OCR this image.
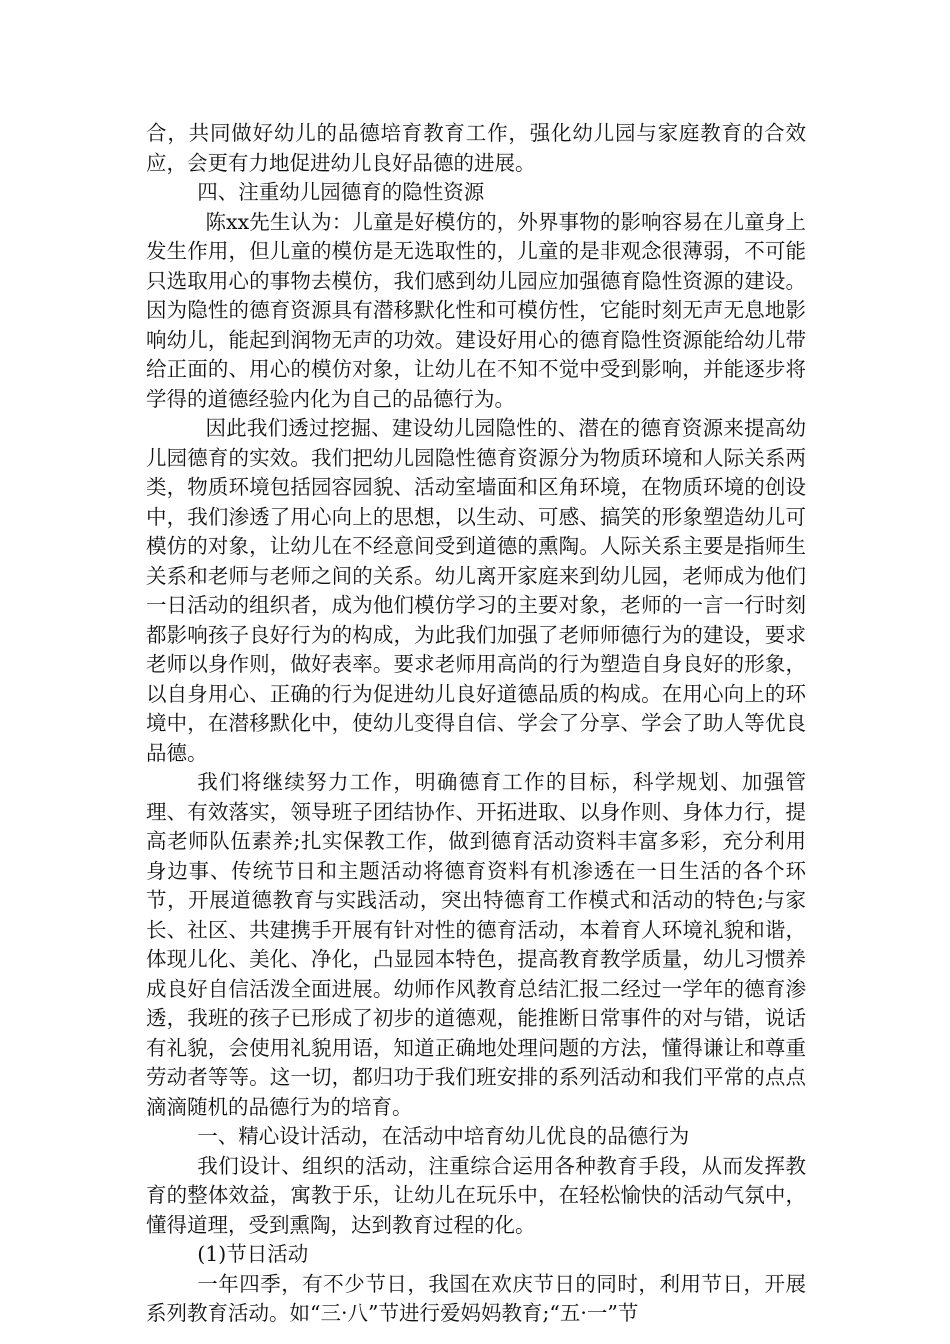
合，共同做好幼儿的品德培育教育工作，强化幼儿园与家庭教育的合效应，会更有力地促进幼儿良好品德的进展。

四、注重幼儿园德育的隐性资源

陈xx先生认为：儿童是好模仿的，外界事物的影响容易在儿童身上发生作用，但儿童的模仿是无选取性的，儿童的是非观念很薄弱，不可能只选取用心的事物去模仿，我们感到幼儿园应加强德育隐性资源的建设。因为隐性的德育资源具有潜移默化性和可模仿性，它能时刻无声无息地影响幼儿，能起到润物无声的功效。建设好用心的德育隐性资源能给幼儿带给正面的、用心的模仿对象，让幼儿在不知不觉中受到影响，并能逐步将学得的道德经验内化为自己的品德行为。

因此我们透过挖掘、建设幼儿园隐性的、潜在的德育资源来提高幼儿园德育的实效。我们把幼儿园隐性德育资源分为物质环境和人际关系两类，物质环境包括园容园貌、活动室墙面和区角环境，在物质环境的创设中，我们渗透了用心向上的思想，以生动、可感、搞笑的形象塑造幼儿可模仿的对象，让幼儿在不经意间受到道德的熏陶。人际关系主要是指师生关系和老师与老师之间的关系。幼儿离开家庭来到幼儿园，老师成为他们一日活动的组织者，成为他们模仿学习的主要对象，老师的一言一行时刻都影响孩子良好行为的构成，为此我们加强了老师师德行为的建设，要求老师以身作则，做好表率。要求老师用高尚的行为塑造自身良好的形象，以自身用心、正确的行为促进幼儿良好道德品质的构成。在用心向上的环境中，在潜移默化中，使幼儿变得自信、学会了分享、学会了助人等优良品德。

我们将继续努力工作，明确德育工作的目标，科学规划、加强管理、有效落实，领导班子团结协作、开拓进取、以身作则、身体力行，提高老师队伍素养;扎实保教工作，做到德育活动资料丰富多彩，充分利用身边事、传统节日和主题活动将德育资料有机渗透在一日生活的各个环节，开展道德教育与实践活动，突出特德育工作模式和活动的特色;与家长、社区、共建携手开展有针对性的德育活动，本着育人环境礼貌和谐，体现儿化、美化、净化，凸显园本特色，提高教育教学质量，幼儿习惯养成良好自信活泼全面进展。幼师作风教育总结汇报二经过一学年的德育渗透，我班的孩子已形成了初步的道德观，能推断日常事件的对与错，说话有礼貌，会使用礼貌用语，知道正确地处理问题的方法，懂得谦让和尊重劳动者等等。这一切，都归功于我们班安排的系列活动和我们平常的点点滴滴随机的品德行为的培育。

一、精心设计活动，在活动中培育幼儿优良的品德行为

我们设计、组织的活动，注重综合运用各种教育手段，从而发挥教育的整体效益，寓教于乐，让幼儿在玩乐中，在轻松愉快的活动气氛中，懂得道理，受到熏陶，达到教育过程的化。

(1)节日活动

一年四季，有不少节日，我国在欢庆节日的同时，利用节日，开展系列教育活动。如“三·八”节进行爱妈妈教育;“五·一”节
